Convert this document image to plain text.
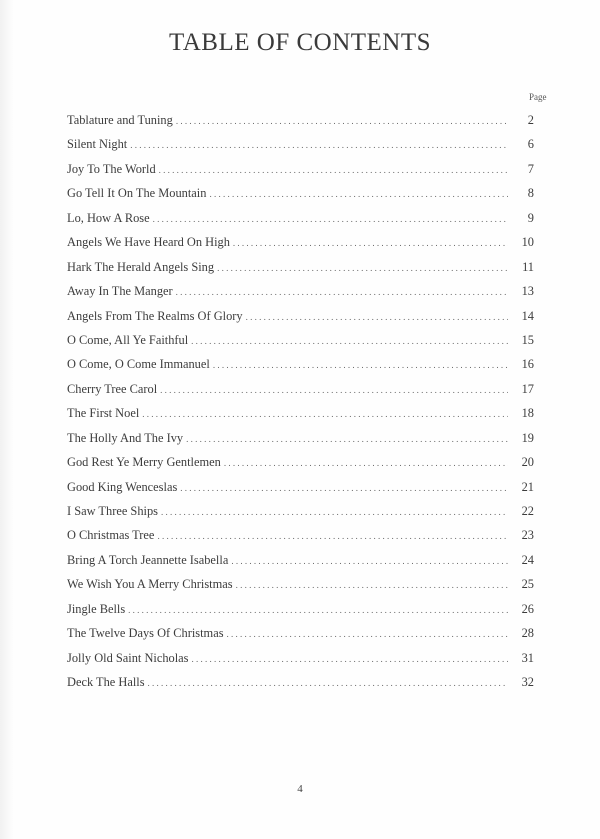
TABLE OF CONTENTS
Page
Tablature and Tuning . . .	2
Silent Night . . .	6
Joy To The World . . .	7
Go Tell It On The Mountain . . .	8
Lo, How A Rose . . .	9
Angels We Have Heard On High . . .	10
Hark The Herald Angels Sing . . .	11
Away In The Manger . . .	13
Angels From The Realms Of Glory . . .	14
O Come, All Ye Faithful . . .	15
O Come, O Come Immanuel . . .	16
Cherry Tree Carol . . .	17
The First Noel . . .	18
The Holly And The Ivy . . .	19
God Rest Ye Merry Gentlemen . . .	20
Good King Wenceslas . . .	21
I Saw Three Ships . . .	22
O Christmas Tree . . .	23
Bring A Torch Jeannette Isabella . . .	24
We Wish You A Merry Christmas . . .	25
Jingle Bells . . .	26
The Twelve Days Of Christmas . . .	28
Jolly Old Saint Nicholas . . .	31
Deck The Halls . . .	32
4
